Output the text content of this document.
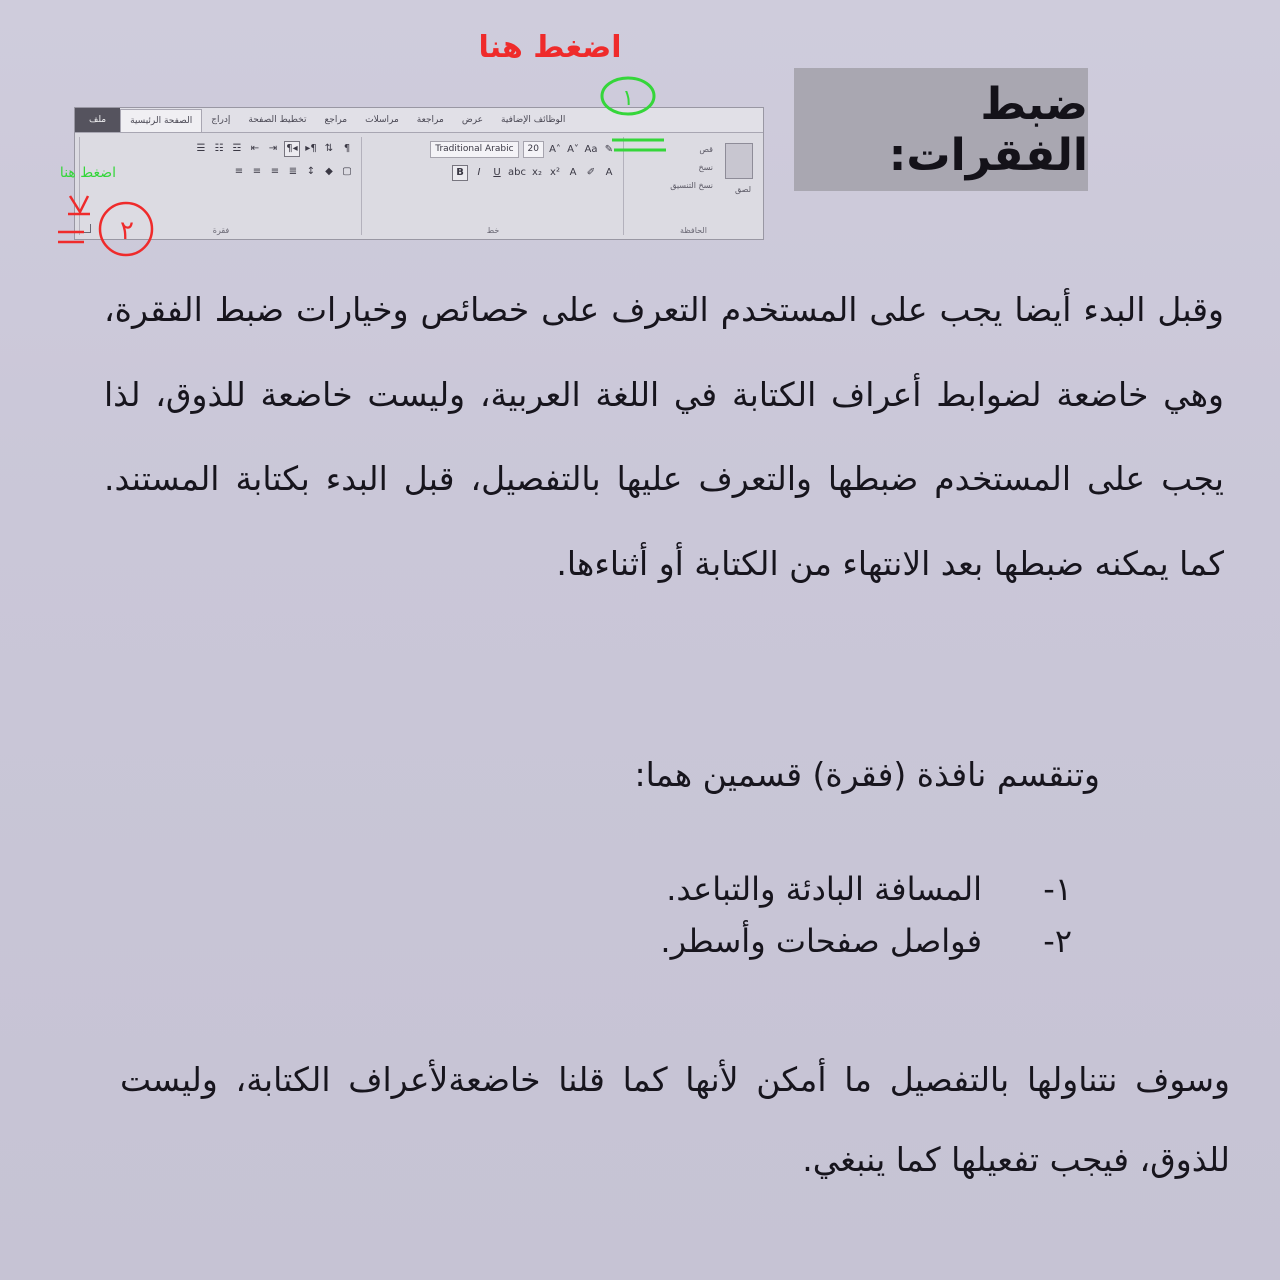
ضبط الفقرات:
ملف	الصفحة الرئيسية	إدراج	تخطيط الصفحة	مراجع	مراسلات	مراجعة	عرض	الوظائف الإضافية
لصق
قص
نسخ
نسخ التنسيق
الحافظة
Traditional Arabic	20	A˄ A˅ Aa ✎
B	I	U abc x₂ x² A	✐	A
خط
☰ ☷ ☲ ⇤ ⇥ ¶◂ ▸¶ ⇅	¶
≡ ≡ ≡ ≣ ↕ ◆ ▢
فقرة
اضغط هنا
اضغط هنا
١
٢
وقبل البدء أيضا يجب على المستخدم التعرف على خصائص وخيارات ضبط الفقرة، وهي خاضعة لضوابط أعراف الكتابة في اللغة العربية، وليست خاضعة للذوق، لذا يجب على المستخدم ضبطها والتعرف عليها بالتفصيل، قبل البدء بكتابة المستند. كما يمكنه ضبطها بعد الانتهاء من الكتابة أو أثناءها.
وتنقسم نافذة (فقرة) قسمين هما:
١-
المسافة البادئة والتباعد.
٢-
فواصل صفحات وأسطر.
وسوف نتناولها بالتفصيل ما أمكن لأنها كما قلنا خاضعةلأعراف الكتابة، وليست للذوق، فيجب تفعيلها كما ينبغي.
